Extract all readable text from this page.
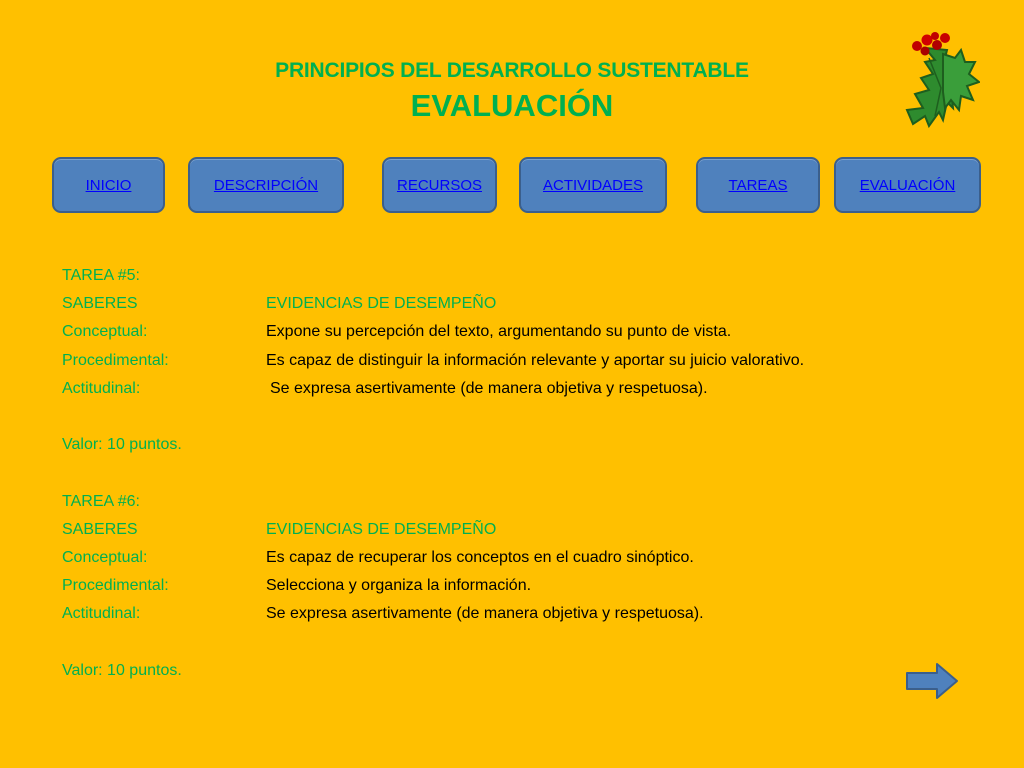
PRINCIPIOS DEL DESARROLLO SUSTENTABLE
EVALUACIÓN
INICIO	DESCRIPCIÓN	RECURSOS	ACTIVIDADES	TAREAS	EVALUACIÓN
TAREA #5:
SABERES	EVIDENCIAS DE DESEMPEÑO
Conceptual:	Expone su percepción del texto, argumentando su punto de vista.
Procedimental:	Es capaz de distinguir la información relevante y aportar su juicio valorativo.
Actitudinal:	Se expresa asertivamente (de manera objetiva y respetuosa).
Valor: 10 puntos.
TAREA #6:
SABERES	EVIDENCIAS DE DESEMPEÑO
Conceptual:	Es capaz de recuperar los conceptos en el cuadro sinóptico.
Procedimental:	Selecciona y organiza la información.
Actitudinal:	Se expresa asertivamente (de manera objetiva y respetuosa).
Valor: 10 puntos.
